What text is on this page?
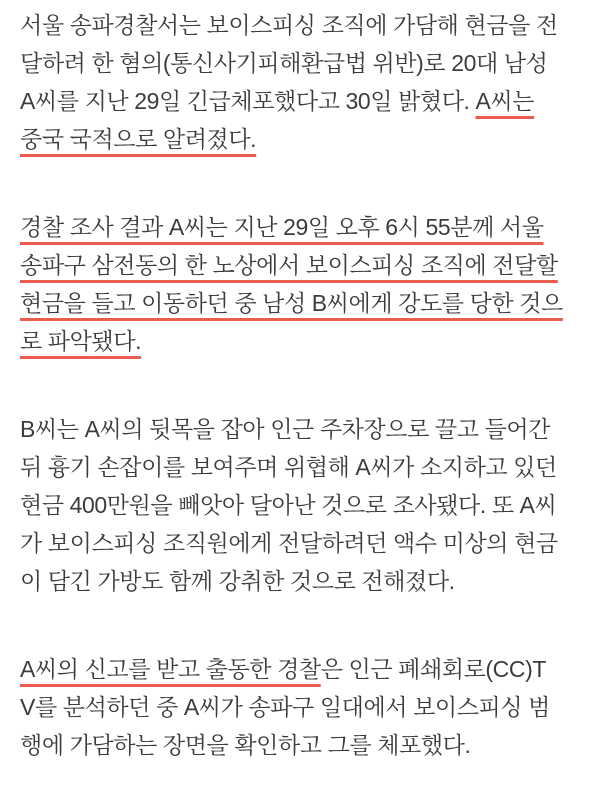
서울 송파경찰서는 보이스피싱 조직에 가담해 현금을 전
달하려 한 혐의(통신사기피해환급법 위반)로 20대 남성
A씨를 지난 29일 긴급체포했다고 30일 밝혔다. A씨는
중국 국적으로 알려졌다.
경찰 조사 결과 A씨는 지난 29일 오후 6시 55분께 서울
송파구 삼전동의 한 노상에서 보이스피싱 조직에 전달할
현금을 들고 이동하던 중 남성 B씨에게 강도를 당한 것으
로 파악됐다.
B씨는 A씨의 뒷목을 잡아 인근 주차장으로 끌고 들어간
뒤 흉기 손잡이를 보여주며 위협해 A씨가 소지하고 있던
현금 400만원을 빼앗아 달아난 것으로 조사됐다. 또 A씨
가 보이스피싱 조직원에게 전달하려던 액수 미상의 현금
이 담긴 가방도 함께 강취한 것으로 전해졌다.
A씨의 신고를 받고 출동한 경찰은 인근 폐쇄회로(CC)T
V를 분석하던 중 A씨가 송파구 일대에서 보이스피싱 범
행에 가담하는 장면을 확인하고 그를 체포했다.
